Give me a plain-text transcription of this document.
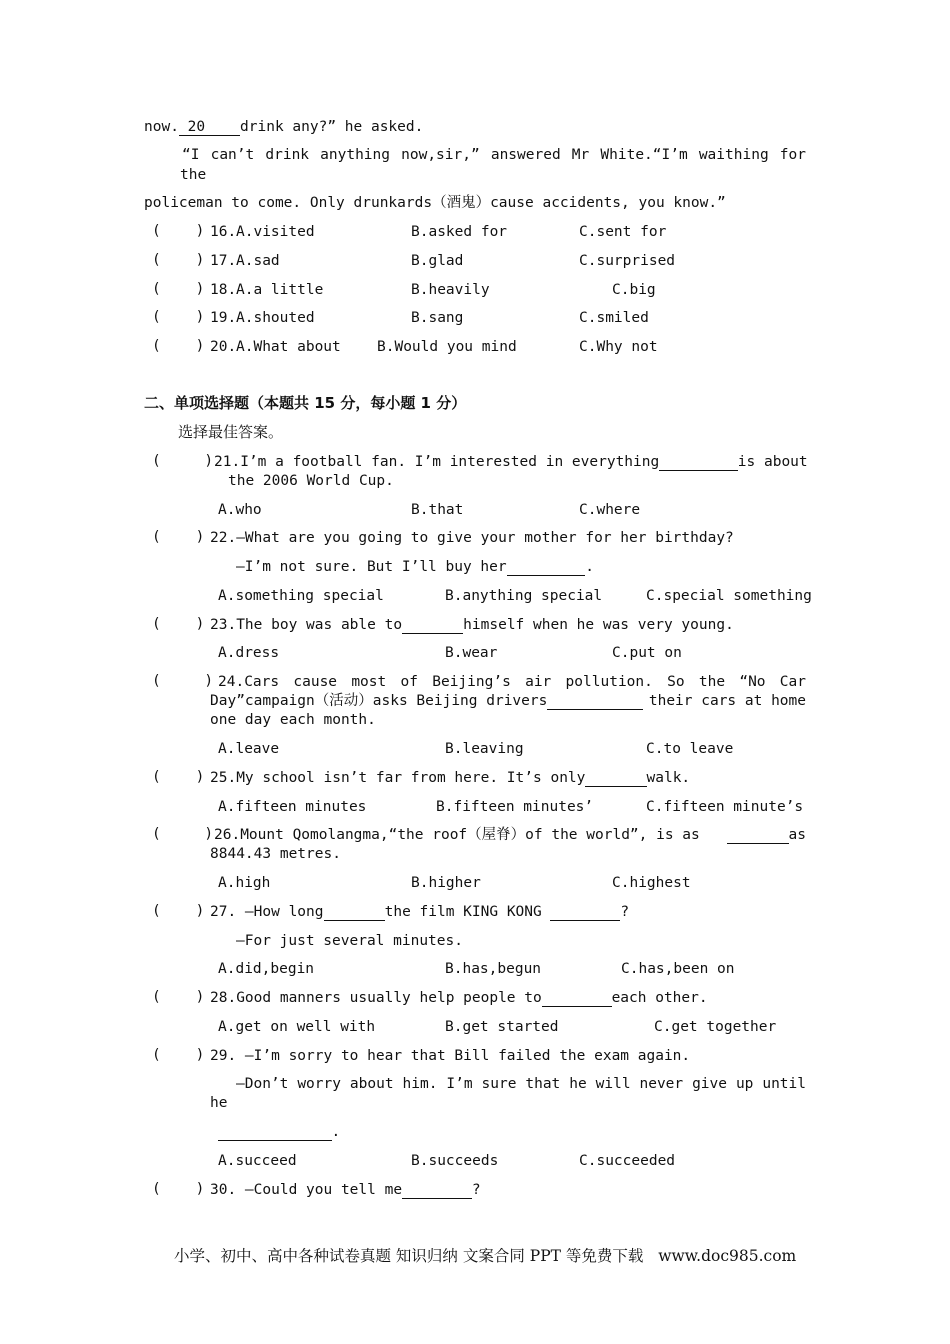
now. 20    drink any?” he asked.
“I can’t drink anything now,sir,” answered Mr White.“I’m waithing for
the
policeman to come. Only drunkards（酒鬼）cause accidents, you know.”
(    ) 16. A.visited	B.asked for	C.sent for
(    ) 17. A.sad	B.glad	C.surprised
(    ) 18. A.a little	B.heavily	C.big
(    ) 19. A.shouted	B.sang	C.smiled
(    ) 20. A.What about B.Would you mind	C.Why not
二、单项选择题（本题共 15 分，每小题 1 分）
选择最佳答案。
(     ) 21.I’m a football fan. I’m interested in everything	is about
the 2006 World Cup.
A.who	B.that	C.where
(    ) 22.—What are you going to give your mother for her birthday?
—I’m not sure. But I’ll buy her	.
A.something special	B.anything special	C.special something
(    ) 23.The boy was able to	himself when he was very young.
A.dress	B.wear	C.put on
(     ) 24.Cars cause most of Beijing’s air pollution. So the “No Car
Day”campaign（活动）asks Beijing drivers	their cars at home
one day each month.
A.leave	B.leaving	C.to leave
(    ) 25.My school isn’t far from here. It’s only	walk.
A.fifteen minutes	B.fifteen minutes’	C.fifteen minute’s
(     ) 26.Mount Qomolangma,“the roof（屋脊）of the world”, is as	as
8844.43 metres.
A.high	B.higher	C.highest
(    ) 27. —How long	the film KING KONG	?
—For just several minutes.
A.did,begin	B.has,begun	C.has,been on
(    ) 28.Good manners usually help people to	each other.
A.get on well with	B.get started	C.get together
(    ) 29. —I’m sorry to hear that Bill failed the exam again.
—Don’t worry about him. I’m sure that he will never give up until
he
.
A.succeed	B.succeeds	C.succeeded
(    ) 30. —Could you tell me	?
小学、初中、高中各种试卷真题 知识归纳 文案合同 PPT 等免费下载   www.doc985.com
